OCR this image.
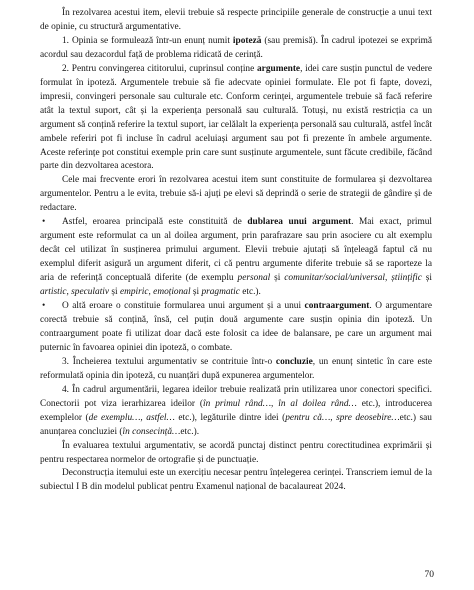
În rezolvarea acestui item, elevii trebuie să respecte principiile generale de construcție a unui text de opinie, cu structură argumentative.

1. Opinia se formulează într-un enunț numit ipoteză (sau premisă). În cadrul ipotezei se exprimă acordul sau dezacordul față de problema ridicată de cerință.

2. Pentru convingerea cititorului, cuprinsul conține argumente, idei care susțin punctul de vedere formulat în ipoteză. Argumentele trebuie să fie adecvate opiniei formulate. Ele pot fi fapte, dovezi, impresii, convingeri personale sau culturale etc. Conform cerinței, argumentele trebuie să facă referire atât la textul suport, cât și la experiența personală sau culturală. Totuși, nu există restricția ca un argument să conțină referire la textul suport, iar celălalt la experiența personală sau culturală, astfel încât ambele referiri pot fi incluse în cadrul aceluiași argument sau pot fi prezente în ambele argumente. Aceste referințe pot constitui exemple prin care sunt susținute argumentele, sunt făcute credibile, făcând parte din dezvoltarea acestora.

Cele mai frecvente erori în rezolvarea acestui item sunt constituite de formularea și dezvoltarea argumentelor. Pentru a le evita, trebuie să-i ajuți pe elevi să deprindă o serie de strategii de gândire și de redactare.

• Astfel, eroarea principală este constituită de dublarea unui argument. Mai exact, primul argument este reformulat ca un al doilea argument, prin parafrazare sau prin asociere cu alt exemplu decât cel utilizat în susținerea primului argument. Elevii trebuie ajutați să înțeleagă faptul că nu exemplul diferit asigură un argument diferit, ci că pentru argumente diferite trebuie să se raporteze la aria de referință conceptuală diferite (de exemplu personal și comunitar/social/universal, științific și artistic, speculativ și empiric, emoțional și pragmatic etc.).

• O altă eroare o constituie formularea unui argument și a unui contraargument. O argumentare corectă trebuie să conțină, însă, cel puțin două argumente care susțin opinia din ipoteză. Un contraargument poate fi utilizat doar dacă este folosit ca idee de balansare, pe care un argument mai puternic în favoarea opiniei din ipoteză, o combate.

3. Încheierea textului argumentativ se contrituie într-o concluzie, un enunț sintetic în care este reformulată opinia din ipoteză, cu nuanțări după expunerea argumentelor.

4. În cadrul argumentării, legarea ideilor trebuie realizată prin utilizarea unor conectori specifici. Conectorii pot viza ierarhizarea ideilor (în primul rând…, în al doilea rând… etc.), introducerea exemplelor (de exemplu…, astfel… etc.), legăturile dintre idei (pentru că…, spre deosebire…etc.) sau anunțarea concluziei (în consecință…etc.).

În evaluarea textului argumentativ, se acordă punctaj distinct pentru corectitudinea exprimării și pentru respectarea normelor de ortografie și de punctuație.

Deconstrucția itemului este un exercițiu necesar pentru înțelegerea cerinței. Transcriem iemul de la subiectul I B din modelul publicat pentru Examenul național de bacalaureat 2024.

70
